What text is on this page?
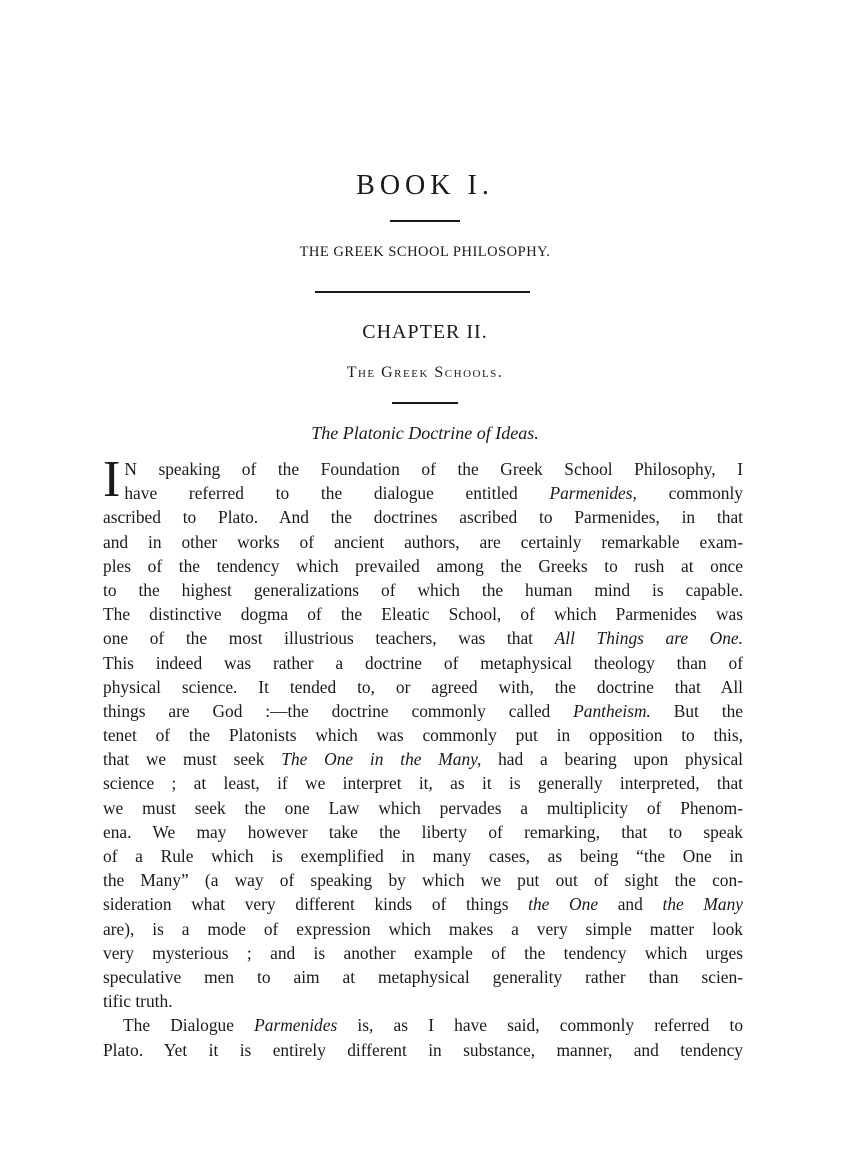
BOOK I.
THE GREEK SCHOOL PHILOSOPHY.
CHAPTER II.
The Greek Schools.
The Platonic Doctrine of Ideas.
I N speaking of the Foundation of the Greek School Philosophy, I
have referred to the dialogue entitled Parmenides, commonly
ascribed to Plato. And the doctrines ascribed to Parmenides, in that
and in other works of ancient authors, are certainly remarkable exam-
ples of the tendency which prevailed among the Greeks to rush at once
to the highest generalizations of which the human mind is capable.
The distinctive dogma of the Eleatic School, of which Parmenides was
one of the most illustrious teachers, was that All Things are One.
This indeed was rather a doctrine of metaphysical theology than of
physical science. It tended to, or agreed with, the doctrine that All
things are God :—the doctrine commonly called Pantheism. But the
tenet of the Platonists which was commonly put in opposition to this,
that we must seek The One in the Many, had a bearing upon physical
science ; at least, if we interpret it, as it is generally interpreted, that
we must seek the one Law which pervades a multiplicity of Phenom-
ena. We may however take the liberty of remarking, that to speak
of a Rule which is exemplified in many cases, as being “the One in
the Many” (a way of speaking by which we put out of sight the con-
sideration what very different kinds of things the One and the Many
are), is a mode of expression which makes a very simple matter look
very mysterious ; and is another example of the tendency which urges
speculative men to aim at metaphysical generality rather than scien-
tific truth.
The Dialogue Parmenides is, as I have said, commonly referred to
Plato. Yet it is entirely different in substance, manner, and tendency
